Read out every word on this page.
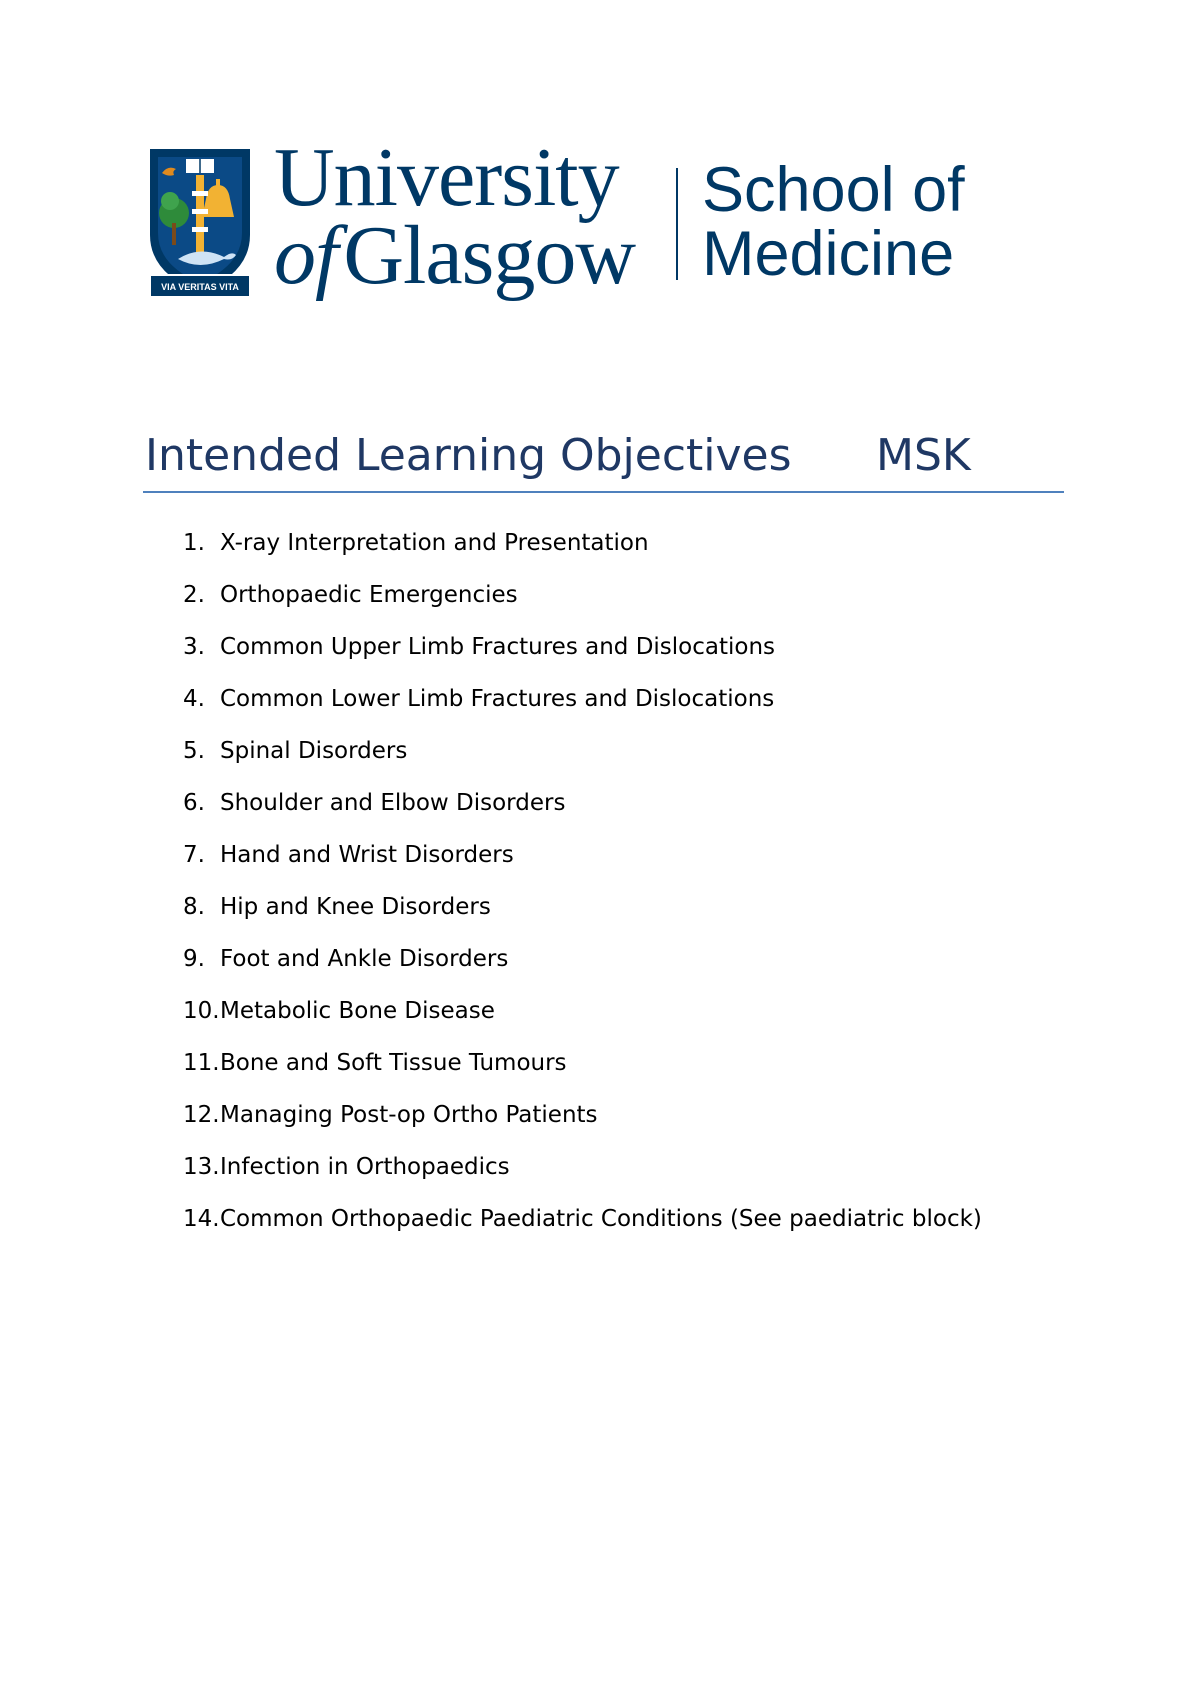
VIA VERITAS VITA
University
ofGlasgow
School of
Medicine
Intended Learning Objectives MSK
1. X-ray Interpretation and Presentation
2. Orthopaedic Emergencies
3. Common Upper Limb Fractures and Dislocations
4. Common Lower Limb Fractures and Dislocations
5. Spinal Disorders
6. Shoulder and Elbow Disorders
7. Hand and Wrist Disorders
8. Hip and Knee Disorders
9. Foot and Ankle Disorders
10.Metabolic Bone Disease
11.Bone and Soft Tissue Tumours
12.Managing Post-op Ortho Patients
13.Infection in Orthopaedics
14.Common Orthopaedic Paediatric Conditions (See paediatric block)
